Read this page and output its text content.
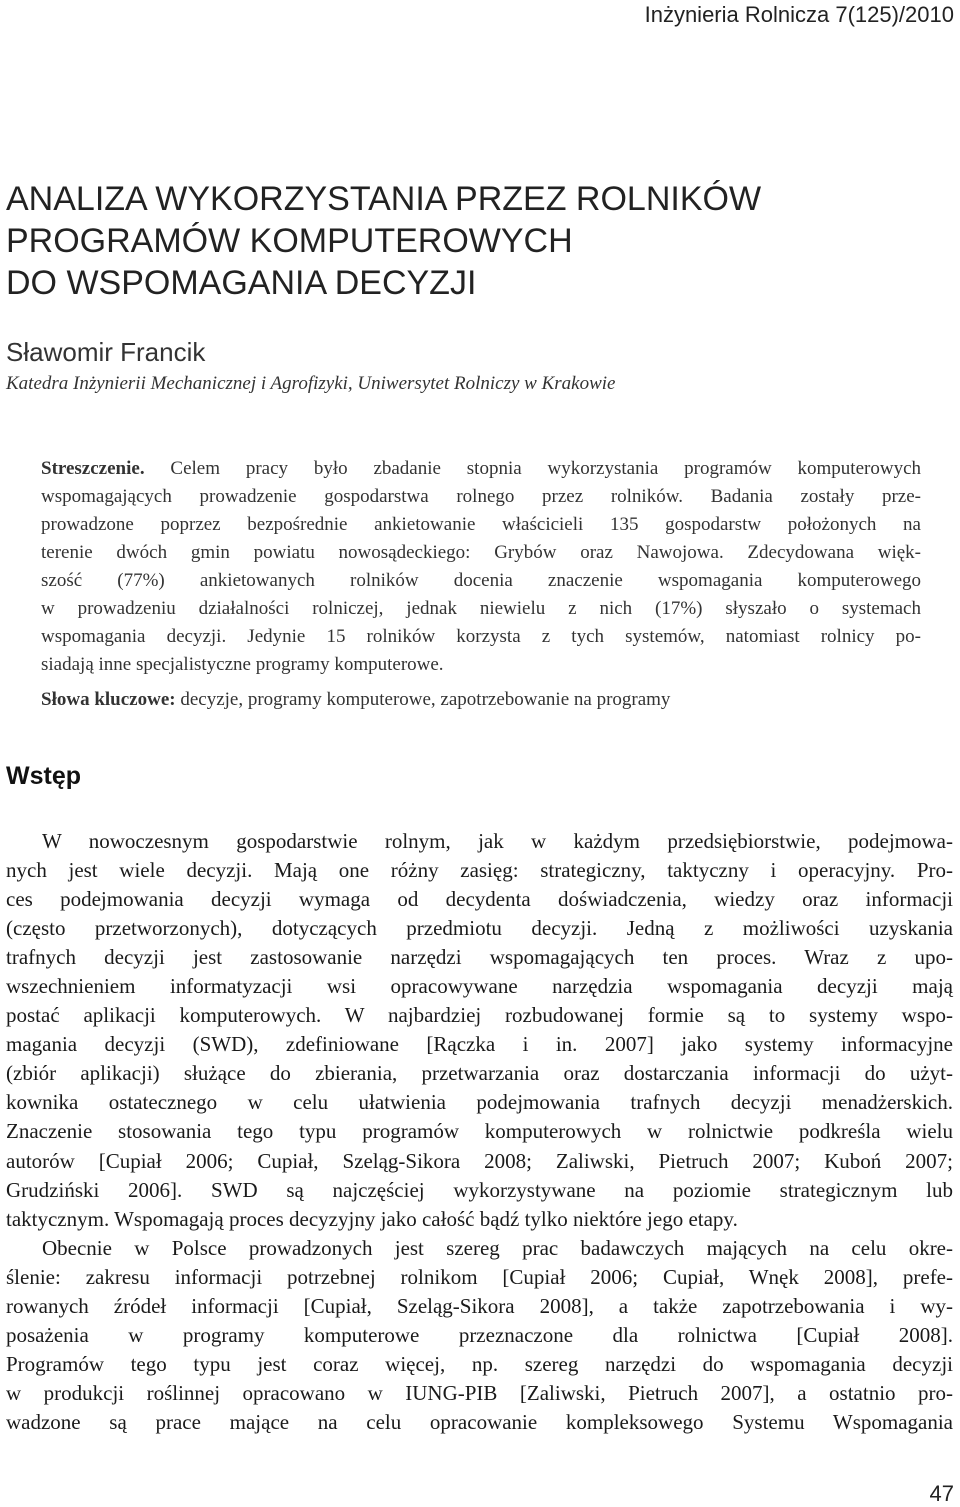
Inżynieria Rolnicza 7(125)/2010
ANALIZA WYKORZYSTANIA PRZEZ ROLNIKÓW
PROGRAMÓW KOMPUTEROWYCH
DO WSPOMAGANIA DECYZJI
Sławomir Francik
Katedra Inżynierii Mechanicznej i Agrofizyki, Uniwersytet Rolniczy w Krakowie
Streszczenie. Celem pracy było zbadanie stopnia wykorzystania programów komputerowych
wspomagających prowadzenie gospodarstwa rolnego przez rolników. Badania zostały prze-
prowadzone poprzez bezpośrednie ankietowanie właścicieli 135 gospodarstw położonych na
terenie dwóch gmin powiatu nowosądeckiego: Grybów oraz Nawojowa. Zdecydowana więk-
szość (77%) ankietowanych rolników docenia znaczenie wspomagania komputerowego
w prowadzeniu działalności rolniczej, jednak niewielu z nich (17%) słyszało o systemach
wspomagania decyzji. Jedynie 15 rolników korzysta z tych systemów, natomiast rolnicy po-
siadają inne specjalistyczne programy komputerowe.
Słowa kluczowe: decyzje, programy komputerowe, zapotrzebowanie na programy
Wstęp
W nowoczesnym gospodarstwie rolnym, jak w każdym przedsiębiorstwie, podejmowa-
nych jest wiele decyzji. Mają one różny zasięg: strategiczny, taktyczny i operacyjny. Pro-
ces podejmowania decyzji wymaga od decydenta doświadczenia, wiedzy oraz informacji
(często przetworzonych), dotyczących przedmiotu decyzji. Jedną z możliwości uzyskania
trafnych decyzji jest zastosowanie narzędzi wspomagających ten proces. Wraz z upo-
wszechnieniem informatyzacji wsi opracowywane narzędzia wspomagania decyzji mają
postać aplikacji komputerowych. W najbardziej rozbudowanej formie są to systemy wspo-
magania decyzji (SWD), zdefiniowane [Rączka i in. 2007] jako systemy informacyjne
(zbiór aplikacji) służące do zbierania, przetwarzania oraz dostarczania informacji do użyt-
kownika ostatecznego w celu ułatwienia podejmowania trafnych decyzji menadżerskich.
Znaczenie stosowania tego typu programów komputerowych w rolnictwie podkreśla wielu
autorów [Cupiał 2006; Cupiał, Szeląg-Sikora 2008; Zaliwski, Pietruch 2007; Kuboń 2007;
Grudziński 2006]. SWD są najczęściej wykorzystywane na poziomie strategicznym lub
taktycznym. Wspomagają proces decyzyjny jako całość bądź tylko niektóre jego etapy.
Obecnie w Polsce prowadzonych jest szereg prac badawczych mających na celu okre-
ślenie: zakresu informacji potrzebnej rolnikom [Cupiał 2006; Cupiał, Wnęk 2008], prefe-
rowanych źródeł informacji [Cupiał, Szeląg-Sikora 2008], a także zapotrzebowania i wy-
posażenia w programy komputerowe przeznaczone dla rolnictwa [Cupiał 2008].
Programów tego typu jest coraz więcej, np. szereg narzędzi do wspomagania decyzji
w produkcji roślinnej opracowano w IUNG-PIB [Zaliwski, Pietruch 2007], a ostatnio pro-
wadzone są prace mające na celu opracowanie kompleksowego Systemu Wspomagania
47
